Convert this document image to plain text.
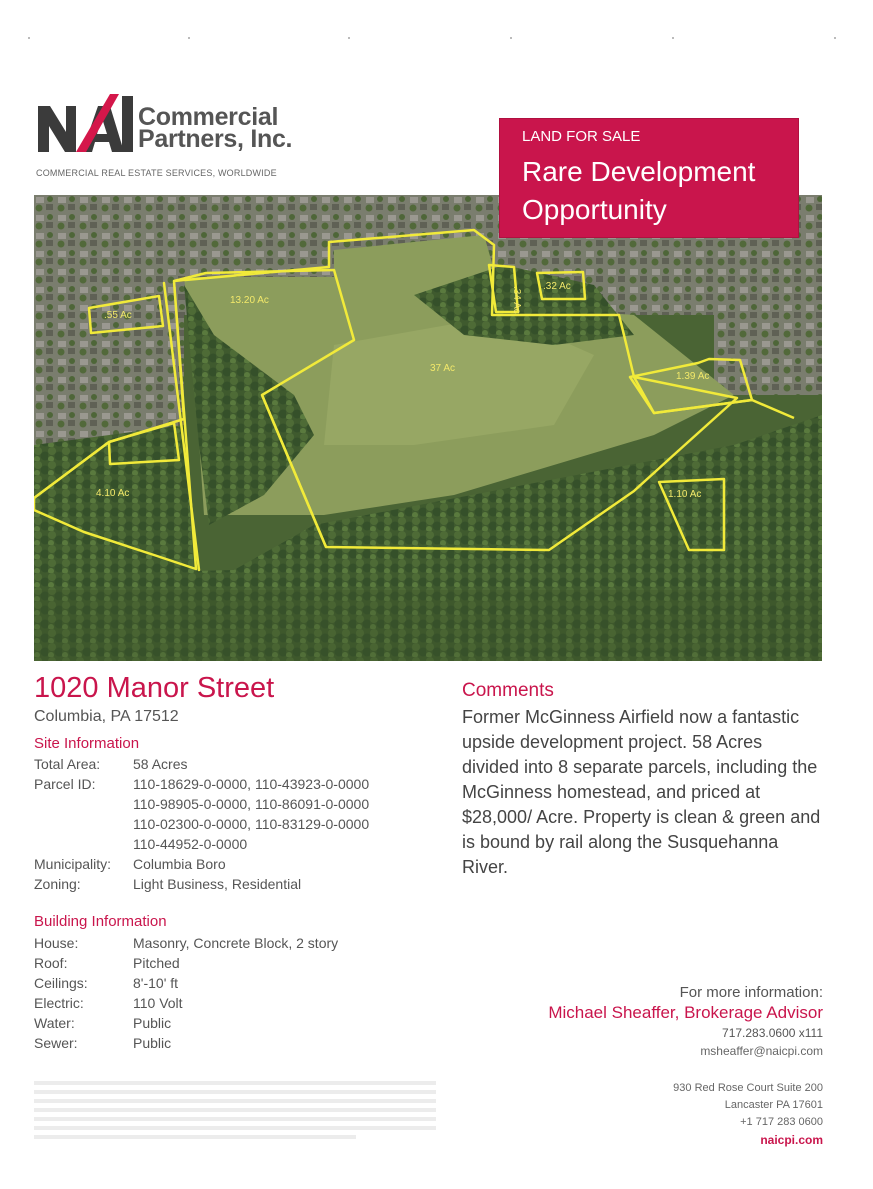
Commercial
Partners, Inc.
COMMERCIAL REAL ESTATE SERVICES, WORLDWIDE
LAND FOR SALE
Rare Development
Opportunity
.55 Ac
13.20 Ac
37 Ac
.34 Ac .32 Ac
1.39 Ac
4.10 Ac	1.10 Ac
1020 Manor Street
Columbia, PA 17512
Site Information
Total Area: 58 Acres
Parcel ID:	110-18629-0-0000, 110-43923-0-0000
110-98905-0-0000, 110-86091-0-0000
110-02300-0-0000, 110-83129-0-0000
110-44952-0-0000
Municipality: Columbia Boro
Zoning:	Light Business, Residential
Building Information
House:	Masonry, Concrete Block, 2 story
Roof:	Pitched
Ceilings:	8'-10' ft
Electric:	110 Volt
Water:	Public
Sewer:	Public
Comments
Former McGinness Airfield now a fantastic upside development project. 58 Acres divided into 8 separate parcels, including the McGinness homestead, and priced at $28,000/ Acre. Property is clean & green and is bound by rail along the Susquehanna River.
For more information:
Michael Sheaffer, Brokerage Advisor
717.283.0600 x111
msheaffer@naicpi.com
930 Red Rose Court Suite 200
Lancaster PA 17601
+1 717 283 0600
naicpi.com
